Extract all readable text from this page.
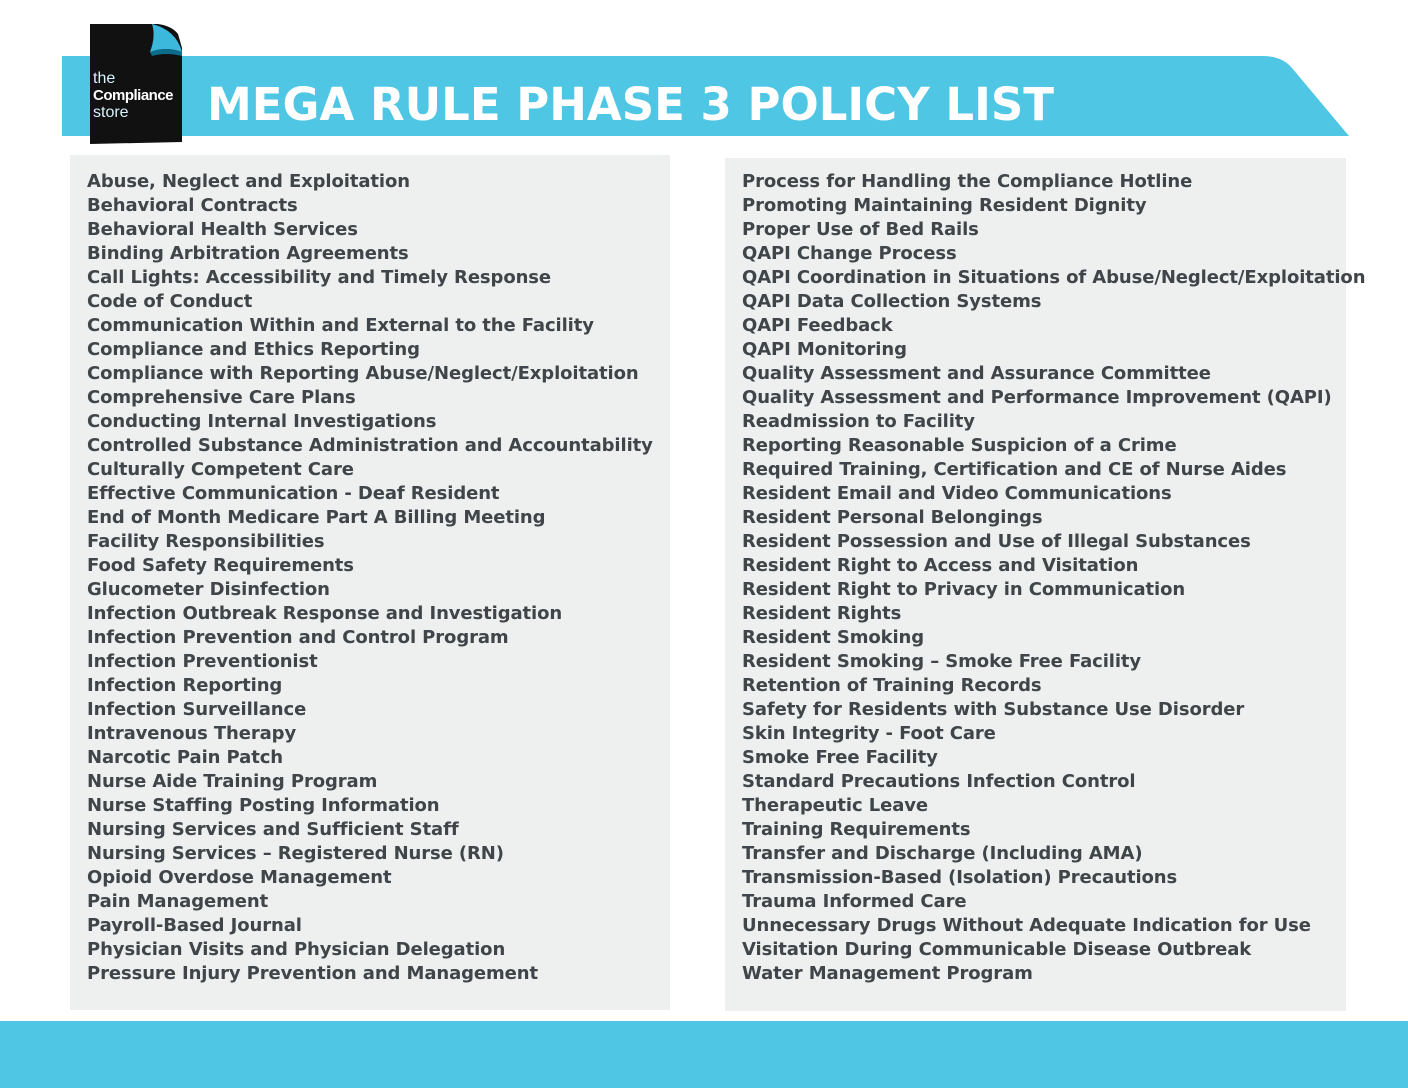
the
Compliance
store	MEGA RULE PHASE 3 POLICY LIST
Abuse, Neglect and Exploitation
Behavioral Contracts
Behavioral Health Services
Binding Arbitration Agreements
Call Lights: Accessibility and Timely Response
Code of Conduct
Communication Within and External to the Facility
Compliance and Ethics Reporting
Compliance with Reporting Abuse/Neglect/Exploitation
Comprehensive Care Plans
Conducting Internal Investigations
Controlled Substance Administration and Accountability
Culturally Competent Care
Effective Communication - Deaf Resident
End of Month Medicare Part A Billing Meeting
Facility Responsibilities
Food Safety Requirements
Glucometer Disinfection
Infection Outbreak Response and Investigation
Infection Prevention and Control Program
Infection Preventionist
Infection Reporting
Infection Surveillance
Intravenous Therapy
Narcotic Pain Patch
Nurse Aide Training Program
Nurse Staffing Posting Information
Nursing Services and Sufficient Staff
Nursing Services – Registered Nurse (RN)
Opioid Overdose Management
Pain Management
Payroll-Based Journal
Physician Visits and Physician Delegation
Pressure Injury Prevention and Management
Process for Handling the Compliance Hotline
Promoting Maintaining Resident Dignity
Proper Use of Bed Rails
QAPI Change Process
QAPI Coordination in Situations of Abuse/Neglect/Exploitation
QAPI Data Collection Systems
QAPI Feedback
QAPI Monitoring
Quality Assessment and Assurance Committee
Quality Assessment and Performance Improvement (QAPI)
Readmission to Facility
Reporting Reasonable Suspicion of a Crime
Required Training, Certification and CE of Nurse Aides
Resident Email and Video Communications
Resident Personal Belongings
Resident Possession and Use of Illegal Substances
Resident Right to Access and Visitation
Resident Right to Privacy in Communication
Resident Rights
Resident Smoking
Resident Smoking – Smoke Free Facility
Retention of Training Records
Safety for Residents with Substance Use Disorder
Skin Integrity - Foot Care
Smoke Free Facility
Standard Precautions Infection Control
Therapeutic Leave
Training Requirements
Transfer and Discharge (Including AMA)
Transmission-Based (Isolation) Precautions
Trauma Informed Care
Unnecessary Drugs Without Adequate Indication for Use
Visitation During Communicable Disease Outbreak
Water Management Program
